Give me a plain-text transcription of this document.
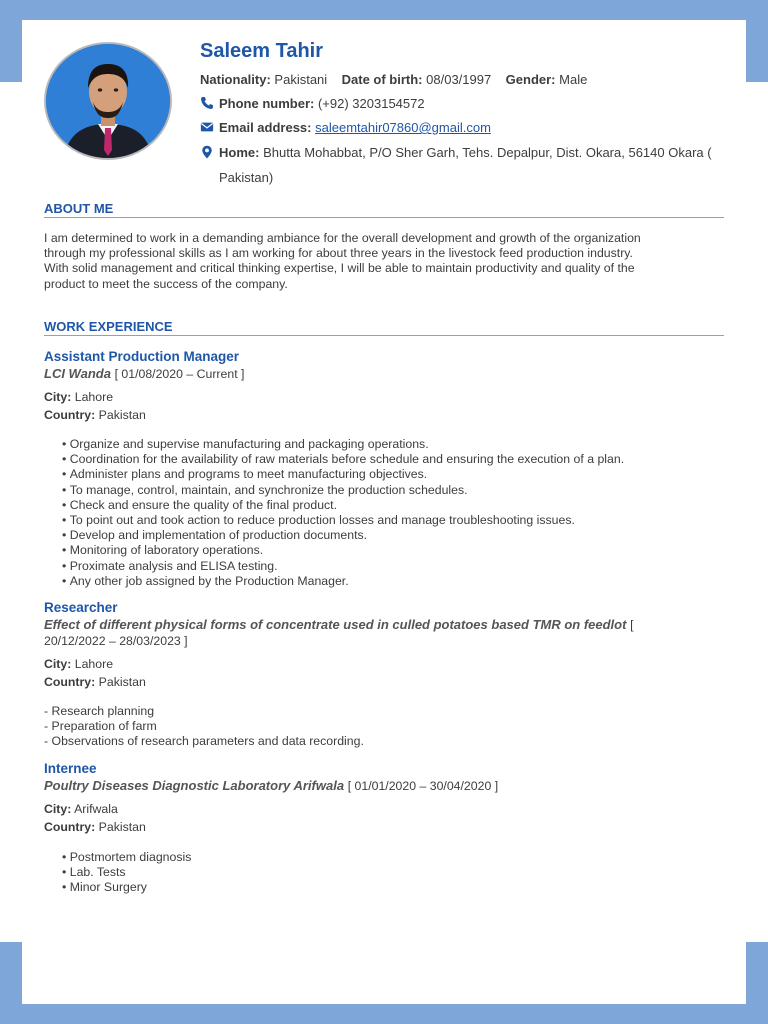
Saleem Tahir
Nationality: Pakistani Date of birth: 08/03/1997 Gender: Male
Phone number: (+92) 3203154572
Email address: saleemtahir07860@gmail.com
Home: Bhutta Mohabbat, P/O Sher Garh, Tehs. Depalpur, Dist. Okara, 56140 Okara (
Pakistan)
ABOUT ME
I am determined to work in a demanding ambiance for the overall development and growth of the organization
through my professional skills as I am working for about three years in the livestock feed production industry.
With solid management and critical thinking expertise, I will be able to maintain productivity and quality of the
product to meet the success of the company.
WORK EXPERIENCE
Assistant Production Manager
LCI Wanda [ 01/08/2020 – Current ]
City: Lahore
Country: Pakistan
• Organize and supervise manufacturing and packaging operations.
• Coordination for the availability of raw materials before schedule and ensuring the execution of a plan.
• Administer plans and programs to meet manufacturing objectives.
• To manage, control, maintain, and synchronize the production schedules.
• Check and ensure the quality of the final product.
• To point out and took action to reduce production losses and manage troubleshooting issues.
• Develop and implementation of production documents.
• Monitoring of laboratory operations.
• Proximate analysis and ELISA testing.
• Any other job assigned by the Production Manager.
Researcher
Effect of different physical forms of concentrate used in culled potatoes based TMR on feedlot [
20/12/2022 – 28/03/2023 ]
City: Lahore
Country: Pakistan
- Research planning
- Preparation of farm
- Observations of research parameters and data recording.
Internee
Poultry Diseases Diagnostic Laboratory Arifwala [ 01/01/2020 – 30/04/2020 ]
City: Arifwala
Country: Pakistan
• Postmortem diagnosis
• Lab. Tests
• Minor Surgery
